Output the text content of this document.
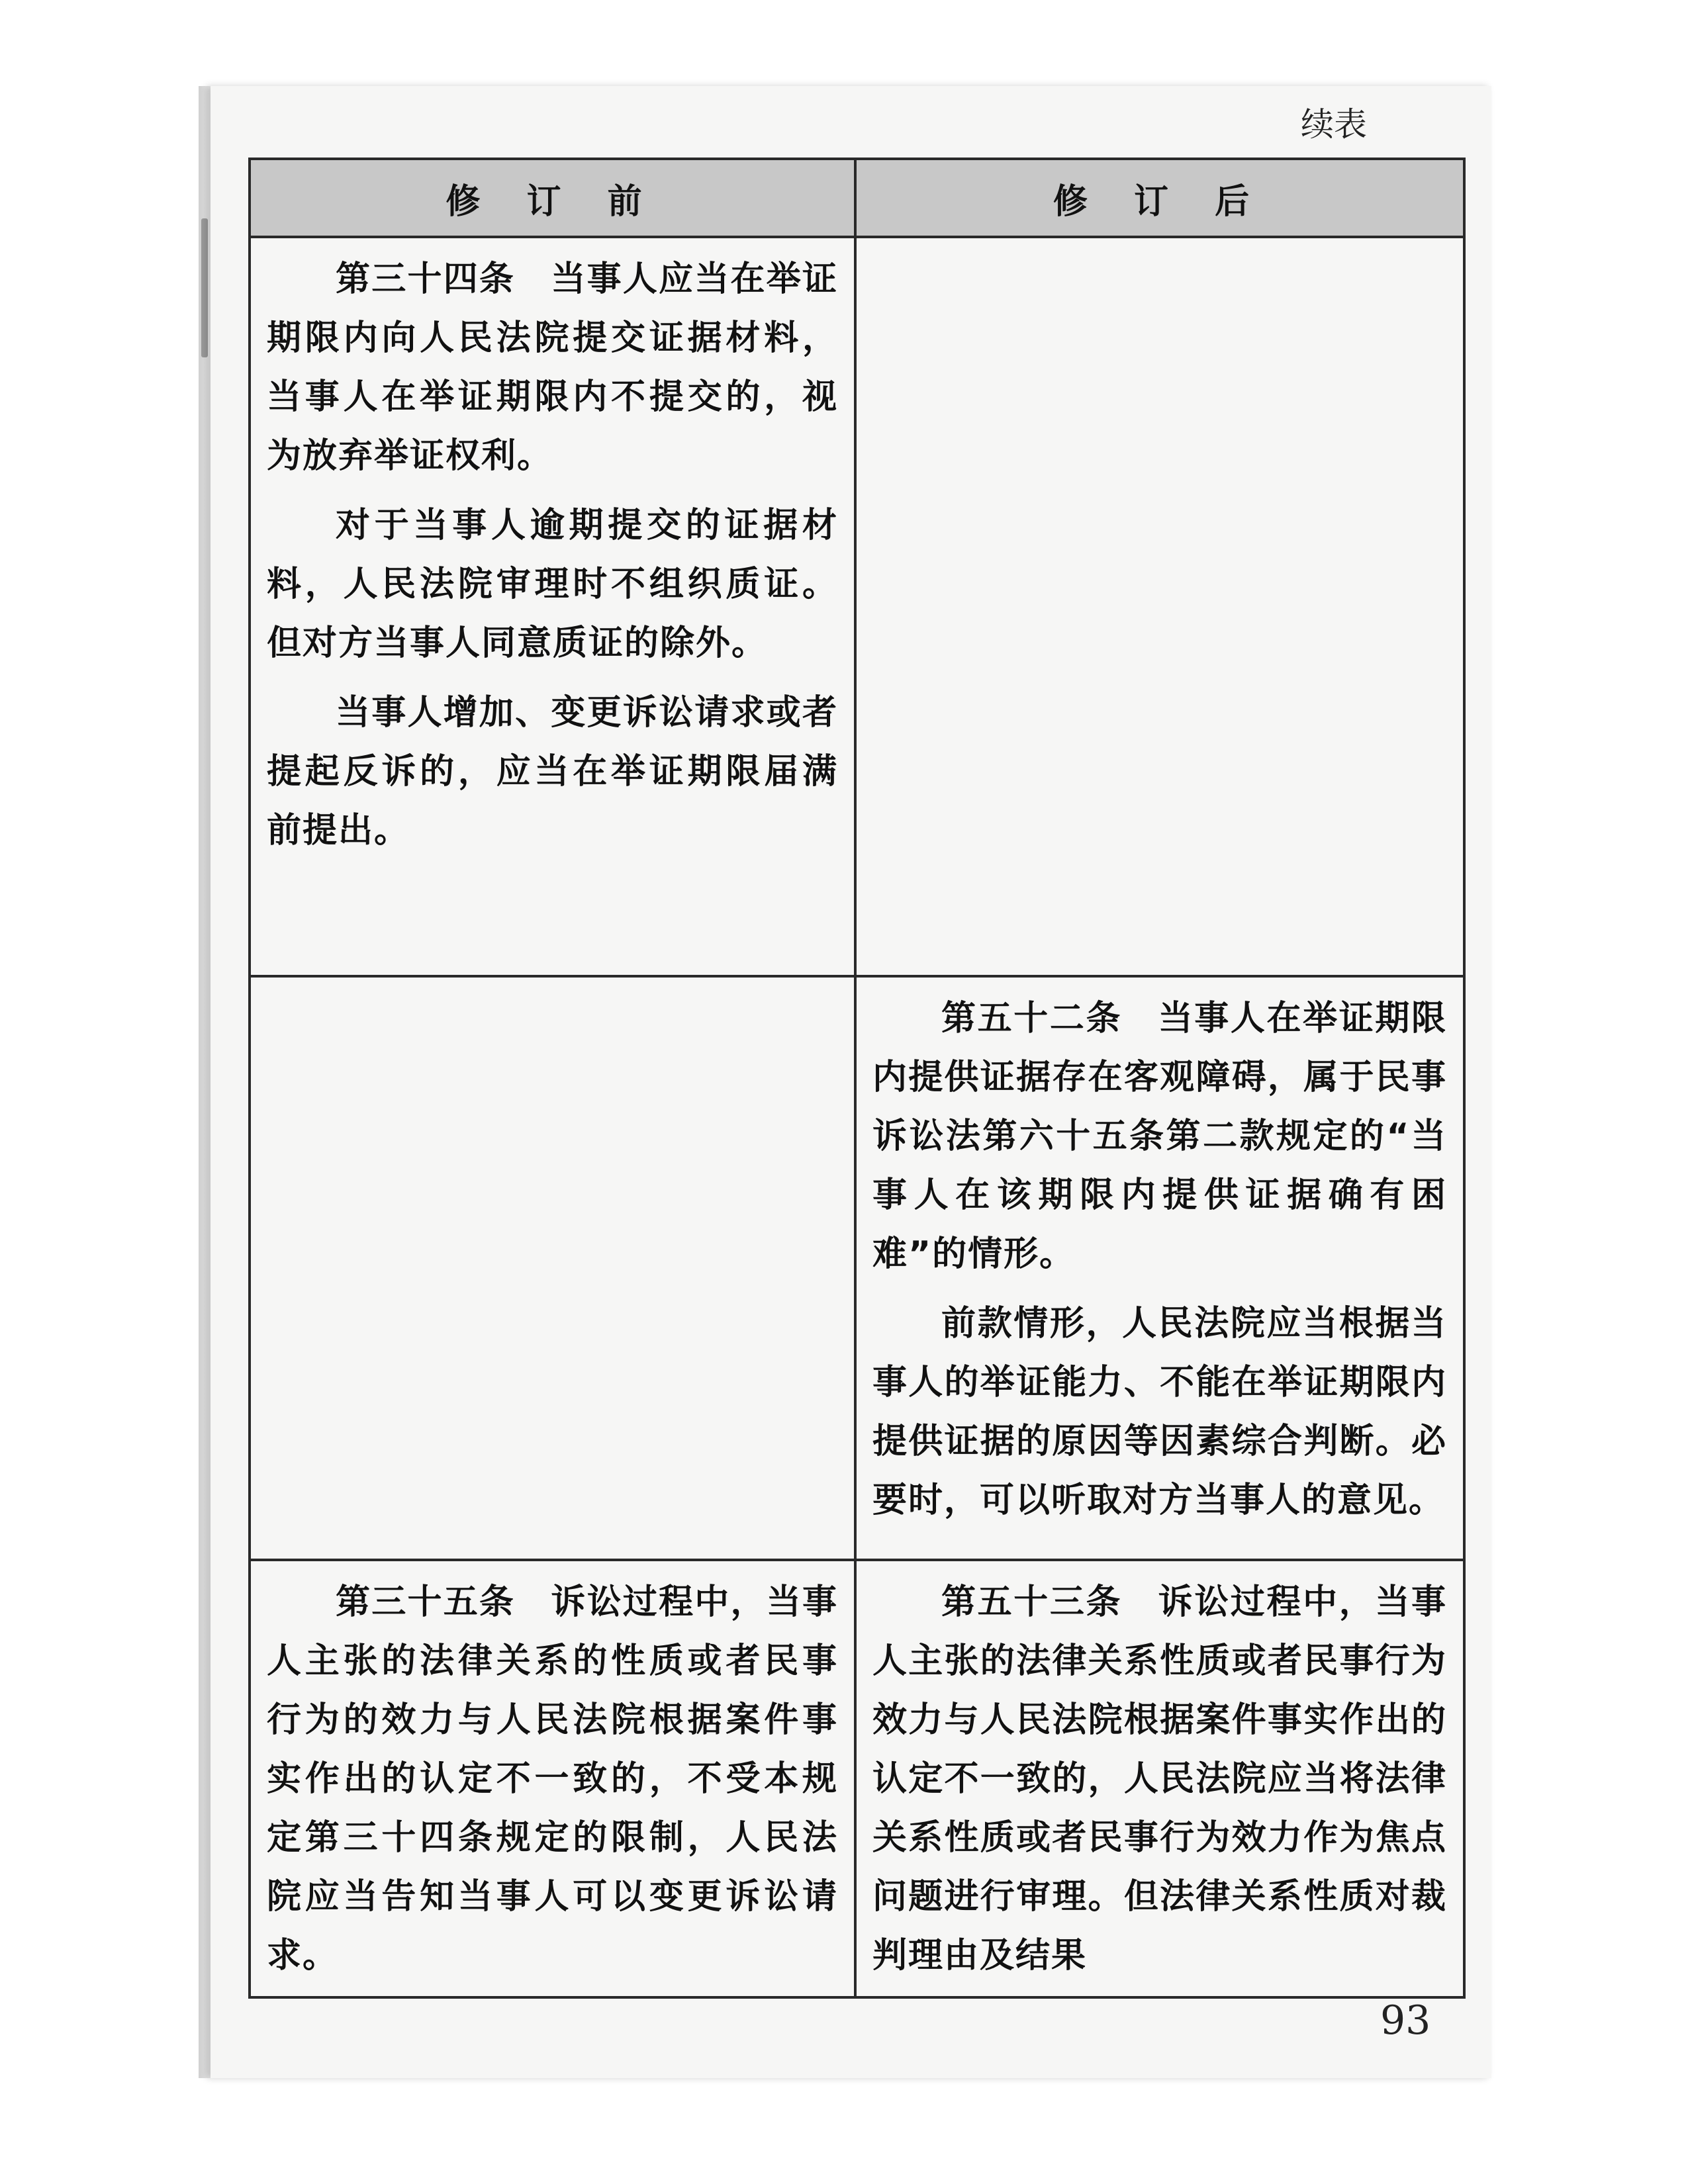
续表
修 订 前	修 订 后

第三十四条　当事人应当在举证期限内向人民法院提交证据材料，当事人在举证期限内不提交的，视为放弃举证权利。

对于当事人逾期提交的证据材料，人民法院审理时不组织质证。但对方当事人同意质证的除外。

当事人增加、变更诉讼请求或者提起反诉的，应当在举证期限届满前提出。	

	第五十二条　当事人在举证期限内提供证据存在客观障碍，属于民事诉讼法第六十五条第二款规定的“当事人在该期限内提供证据确有困难”的情形。

前款情形，人民法院应当根据当事人的举证能力、不能在举证期限内提供证据的原因等因素综合判断。必要时，可以听取对方当事人的意见。

第三十五条　诉讼过程中，当事人主张的法律关系的性质或者民事行为的效力与人民法院根据案件事实作出的认定不一致的，不受本规定第三十四条规定的限制，人民法院应当告知当事人可以变更诉讼请求。	第五十三条　诉讼过程中，当事人主张的法律关系性质或者民事行为效力与人民法院根据案件事实作出的认定不一致的，人民法院应当将法律关系性质或者民事行为效力作为焦点问题进行审理。但法律关系性质对裁判理由及结果

93
